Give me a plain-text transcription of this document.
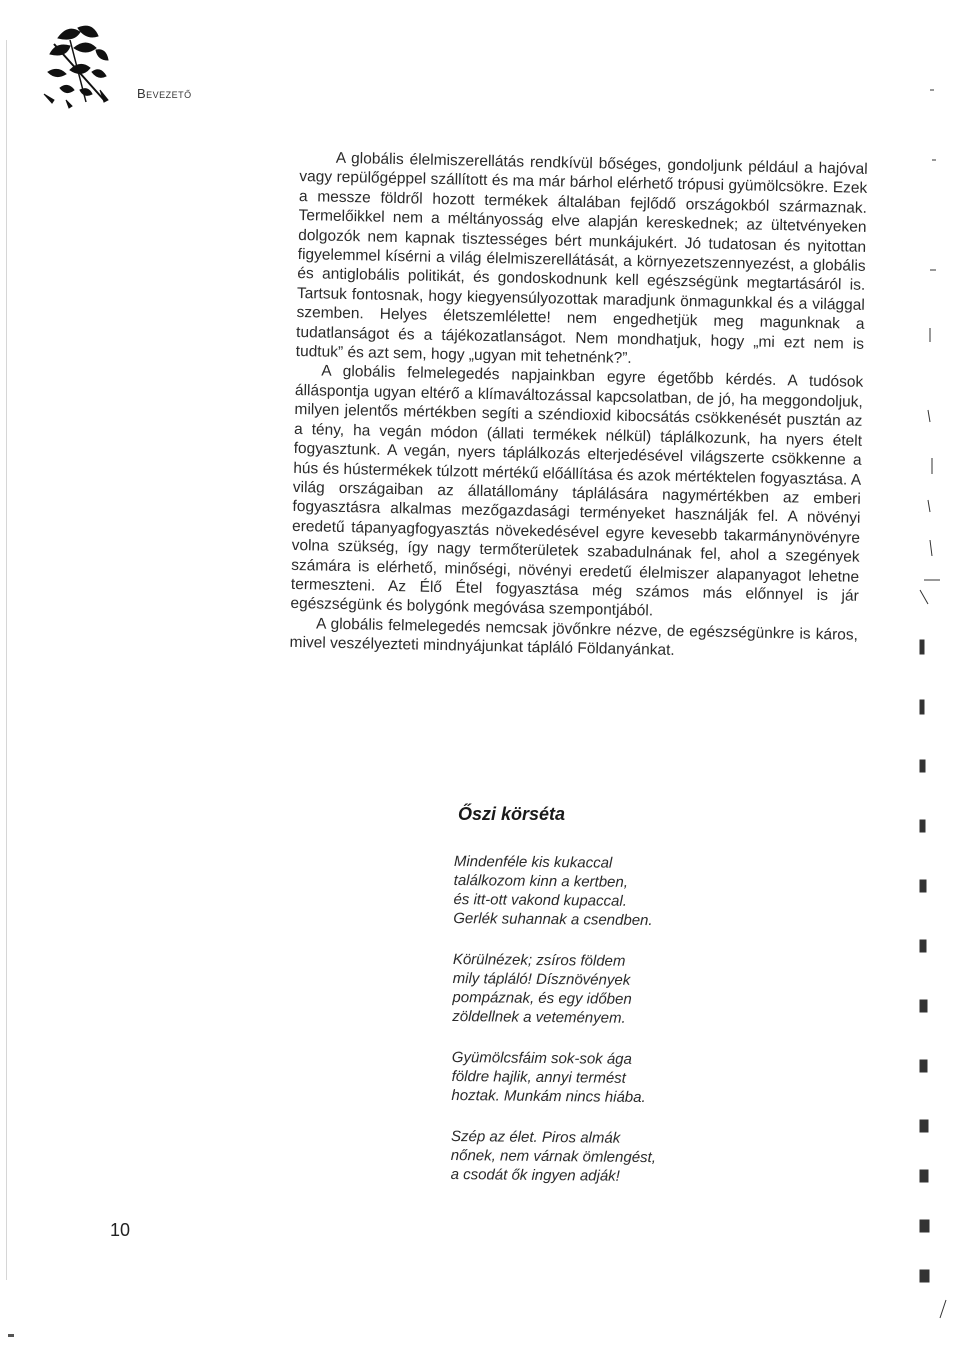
Bevezető

A globális élelmiszerellátás rendkívül bőséges, gondoljunk például a hajóval vagy repülőgéppel szállított és ma már bárhol elérhető trópusi gyümölcsökre. Ezek a messze földről hozott termékek általában fejlődő országokból származnak. Termelőikkel nem a méltányosság elve alapján kereskednek; az ültetvényeken dolgozók nem kapnak tisztességes bért munkájukért. Jó tudatosan és nyitottan figyelemmel kísérni a világ élelmiszerellátását, a környezetszennyezést, a globális és antiglobális politikát, és gondoskodnunk kell egészségünk megtartásáról is. Tartsuk fontosnak, hogy kiegyensúlyozottak maradjunk önmagunkkal és a világgal szemben. Helyes életszemlélette! nem engedhetjük meg magunknak a tudatlanságot és a tájékozatlanságot. Nem mondhatjuk, hogy „mi ezt nem is tudtuk” és azt sem, hogy „ugyan mit tehetnénk?”.

A globális felmelegedés napjainkban egyre égetőbb kérdés. A tudósok álláspontja ugyan eltérő a klímaváltozással kapcsolatban, de jó, ha meggondoljuk, milyen jelentős mértékben segíti a széndioxid kibocsátás csökkenését pusztán az a tény, ha vegán módon (állati termékek nélkül) táplálkozunk, ha nyers ételt fogyasztunk. A vegán, nyers táplálkozás elterjedésével világszerte csökkenne a hús és hústermékek túlzott mértékű előállítása és azok mértéktelen fogyasztása. A világ országaiban az állatállomány táplálására nagymértékben az emberi fogyasztásra alkalmas mezőgazdasági terményeket használják fel. A növényi eredetű tápanyagfogyasztás növekedésével egyre kevesebb takarmánynövényre volna szükség, így nagy termőterületek szabadulnának fel, ahol a szegények számára is elérhető, minőségi, növényi eredetű élelmiszer alapanyagot lehetne termeszteni. Az Élő Étel fogyasztása még számos más előnnyel is jár egészségünk és bolygónk megóvása szempontjából.

A globális felmelegedés nemcsak jövőnkre nézve, de egészségünkre is káros, mivel veszélyezteti mindnyájunkat tápláló Földanyánkat.

Őszi körséta
Mindenféle kis kukaccal
találkozom kinn a kertben,
és itt-ott vakond kupaccal.
Gerlék suhannak a csendben.
Körülnézek; zsíros földem
mily tápláló! Dísznövények
pompáznak, és egy időben
zöldellnek a veteményem.
Gyümölcsfáim sok-sok ága
földre hajlik, annyi termést
hoztak. Munkám nincs hiába.
Szép az élet. Piros almák
nőnek, nem várnak ömlengést,
a csodát ők ingyen adják!
10
